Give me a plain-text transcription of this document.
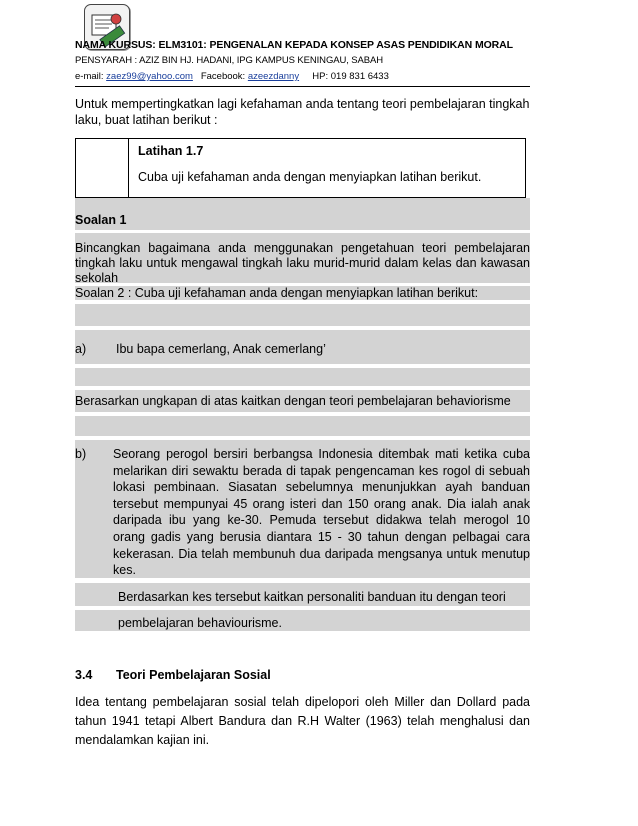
NAMA KURSUS: ELM3101: PENGENALAN KEPADA KONSEP ASAS PENDIDIKAN MORAL
PENSYARAH : AZIZ BIN HJ. HADANI, IPG KAMPUS KENINGAU, SABAH
e-mail: zaez99@yahoo.com Facebook: azeezdanny HP: 019 831 6433
Untuk mempertingkatkan lagi kefahaman anda tentang teori pembelajaran tingkah laku, buat latihan berikut :
Latihan 1.7
Cuba uji kefahaman anda dengan menyiapkan latihan berikut.
Soalan 1
Bincangkan bagaimana anda menggunakan pengetahuan teori pembelajaran tingkah laku untuk mengawal tingkah laku murid-murid dalam kelas dan kawasan sekolah
Soalan 2 : Cuba uji kefahaman anda dengan menyiapkan latihan berikut:
a) Ibu bapa cemerlang, Anak cemerlang’
Berasarkan ungkapan di atas kaitkan dengan teori pembelajaran behaviorisme
b) Seorang perogol bersiri berbangsa Indonesia ditembak mati ketika cuba melarikan diri sewaktu berada di tapak pengencaman kes rogol di sebuah lokasi pembinaan. Siasatan sebelumnya menunjukkan ayah banduan tersebut mempunyai 45 orang isteri dan 150 orang anak. Dia ialah anak daripada ibu yang ke-30. Pemuda tersebut didakwa telah merogol 10 orang gadis yang berusia diantara 15 - 30 tahun dengan pelbagai cara kekerasan. Dia telah membunuh dua daripada mengsanya untuk menutup kes.
Berdasarkan kes tersebut kaitkan personaliti banduan itu dengan teori
pembelajaran behaviourisme.
3.4 Teori Pembelajaran Sosial
Idea tentang pembelajaran sosial telah dipelopori oleh Miller dan Dollard pada tahun 1941 tetapi Albert Bandura dan R.H Walter (1963) telah menghalusi dan mendalamkan kajian ini.
